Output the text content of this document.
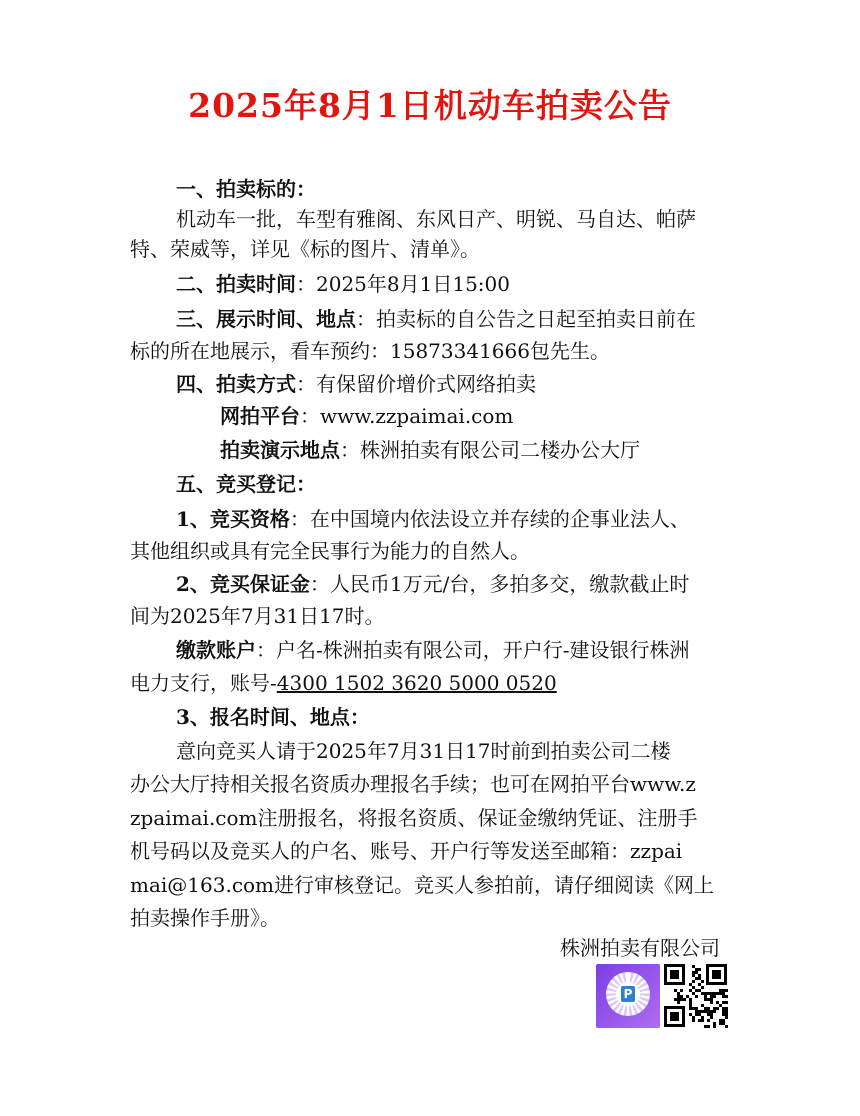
2025年8月1日机动车拍卖公告
一、拍卖标的：
机动车一批，车型有雅阁、东风日产、明锐、马自达、帕萨
特、荣威等，详见《标的图片、清单》。
二、拍卖时间：2025年8月1日15:00
三、展示时间、地点：拍卖标的自公告之日起至拍卖日前在
标的所在地展示，看车预约：15873341666包先生。
四、拍卖方式：有保留价增价式网络拍卖
网拍平台：www.zzpaimai.com
拍卖演示地点：株洲拍卖有限公司二楼办公大厅
五、竞买登记：
1、竞买资格：在中国境内依法设立并存续的企事业法人、
其他组织或具有完全民事行为能力的自然人。
2、竞买保证金：人民币1万元/台，多拍多交，缴款截止时
间为2025年7月31日17时。
缴款账户：户名-株洲拍卖有限公司，开户行-建设银行株洲
电力支行，账号-4300 1502 3620 5000 0520
3、报名时间、地点：
意向竞买人请于2025年7月31日17时前到拍卖公司二楼
办公大厅持相关报名资质办理报名手续；也可在网拍平台www.z
zpaimai.com注册报名，将报名资质、保证金缴纳凭证、注册手
机号码以及竞买人的户名、账号、开户行等发送至邮箱：zzpai
mai@163.com进行审核登记。竞买人参拍前，请仔细阅读《网上
拍卖操作手册》。
株洲拍卖有限公司
P
